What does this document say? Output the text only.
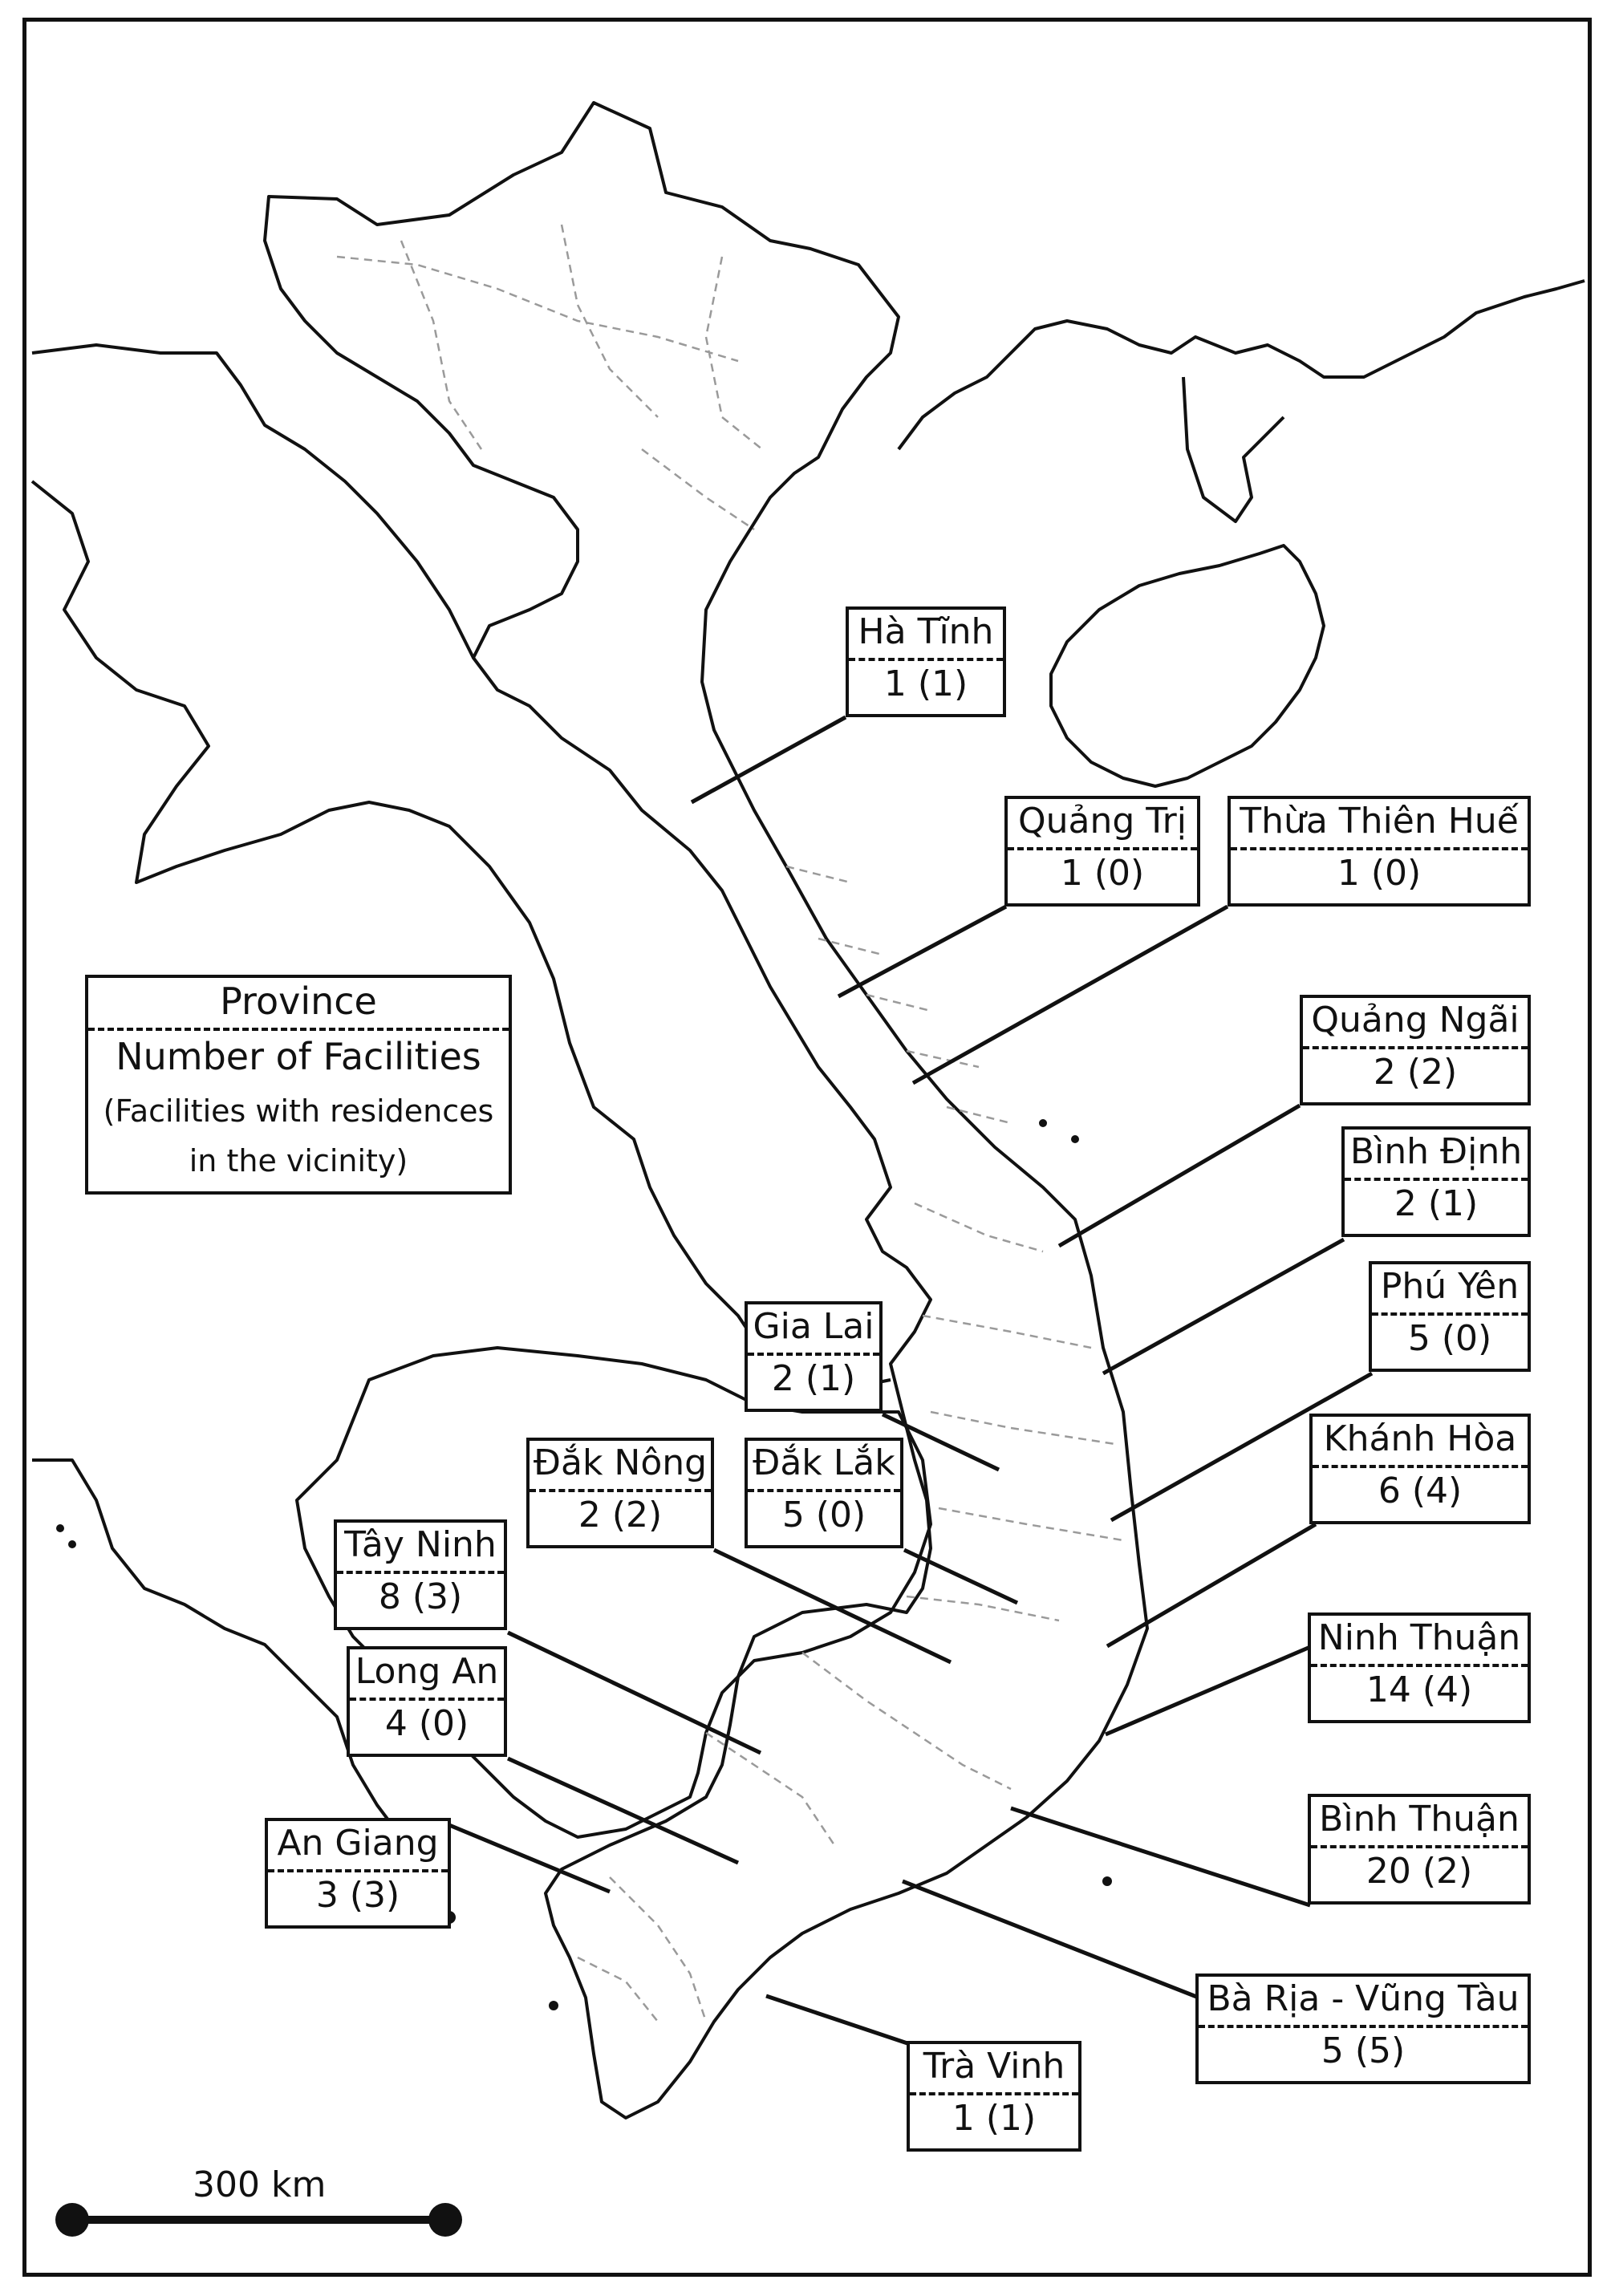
Province
Number of Facilities
(Facilities with residences
in the vicinity)
Hà Tĩnh
1 (1)
Quảng Trị
1 (0)
Thừa Thiên Huế
1 (0)
Quảng Ngãi
2 (2)
Bình Định
2 (1)
Phú Yên
5 (0)
Gia Lai
2 (1)
Đắk Nông
2 (2)
Đắk Lắk
5 (0)
Khánh Hòa
6 (4)
Tây Ninh
8 (3)
Ninh Thuận
14 (4)
Long An
4 (0)
Bình Thuận
20 (2)
An Giang
3 (3)
Bà Rịa - Vũng Tàu
5 (5)
Trà Vinh
1 (1)
300 km
